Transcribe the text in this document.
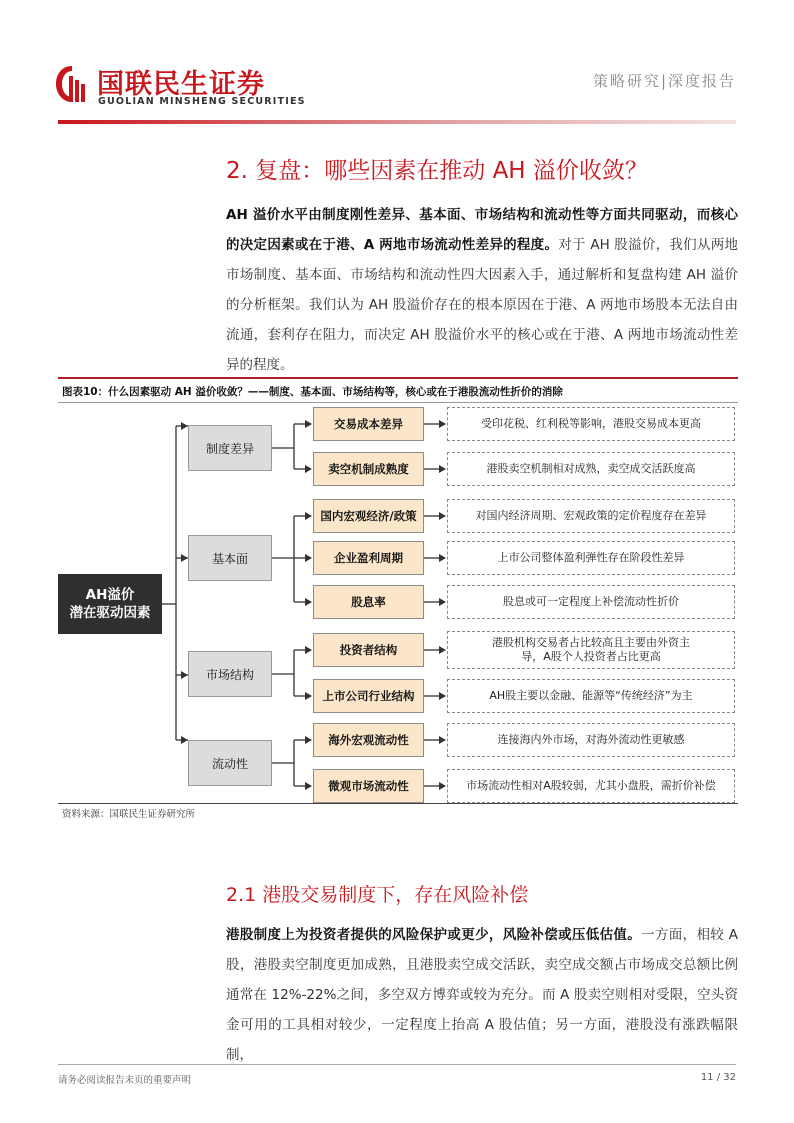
国联民生证券
GUOLIAN MINSHENG SECURITIES
策略研究|深度报告
2. 复盘：哪些因素在推动 AH 溢价收敛？
AH 溢价水平由制度刚性差异、基本面、市场结构和流动性等方面共同驱动，而核心的决定因素或在于港、A 两地市场流动性差异的程度。对于 AH 股溢价，我们从两地市场制度、基本面、市场结构和流动性四大因素入手，通过解析和复盘构建 AH 溢价的分析框架。我们认为 AH 股溢价存在的根本原因在于港、A 两地市场股本无法自由流通，套利存在阻力，而决定 AH 股溢价水平的核心或在于港、A 两地市场流动性差异的程度。
图表10：什么因素驱动 AH 溢价收敛？——制度、基本面、市场结构等，核心或在于港股流动性折价的消除
AH溢价
潜在驱动因素
制度差异
基本面
市场结构
流动性
交易成本差异
卖空机制成熟度
国内宏观经济/政策
企业盈利周期
股息率
投资者结构
上市公司行业结构
海外宏观流动性
微观市场流动性
受印花税、红利税等影响，港股交易成本更高
港股卖空机制相对成熟，卖空成交活跃度高
对国内经济周期、宏观政策的定价程度存在差异
上市公司整体盈利弹性存在阶段性差异
股息或可一定程度上补偿流动性折价
港股机构交易者占比较高且主要由外资主导，A股个人投资者占比更高
AH股主要以金融、能源等“传统经济”为主
连接海内外市场，对海外流动性更敏感
市场流动性相对A股较弱，尤其小盘股，需折价补偿
资料来源：国联民生证券研究所
2.1 港股交易制度下，存在风险补偿
港股制度上为投资者提供的风险保护或更少，风险补偿或压低估值。一方面，相较 A 股，港股卖空制度更加成熟，且港股卖空成交活跃，卖空成交额占市场成交总额比例通常在 12%-22%之间，多空双方博弈或较为充分。而 A 股卖空则相对受限，空头资金可用的工具相对较少，一定程度上抬高 A 股估值；另一方面，港股没有涨跌幅限制，
请务必阅读报告末页的重要声明	11 / 32
